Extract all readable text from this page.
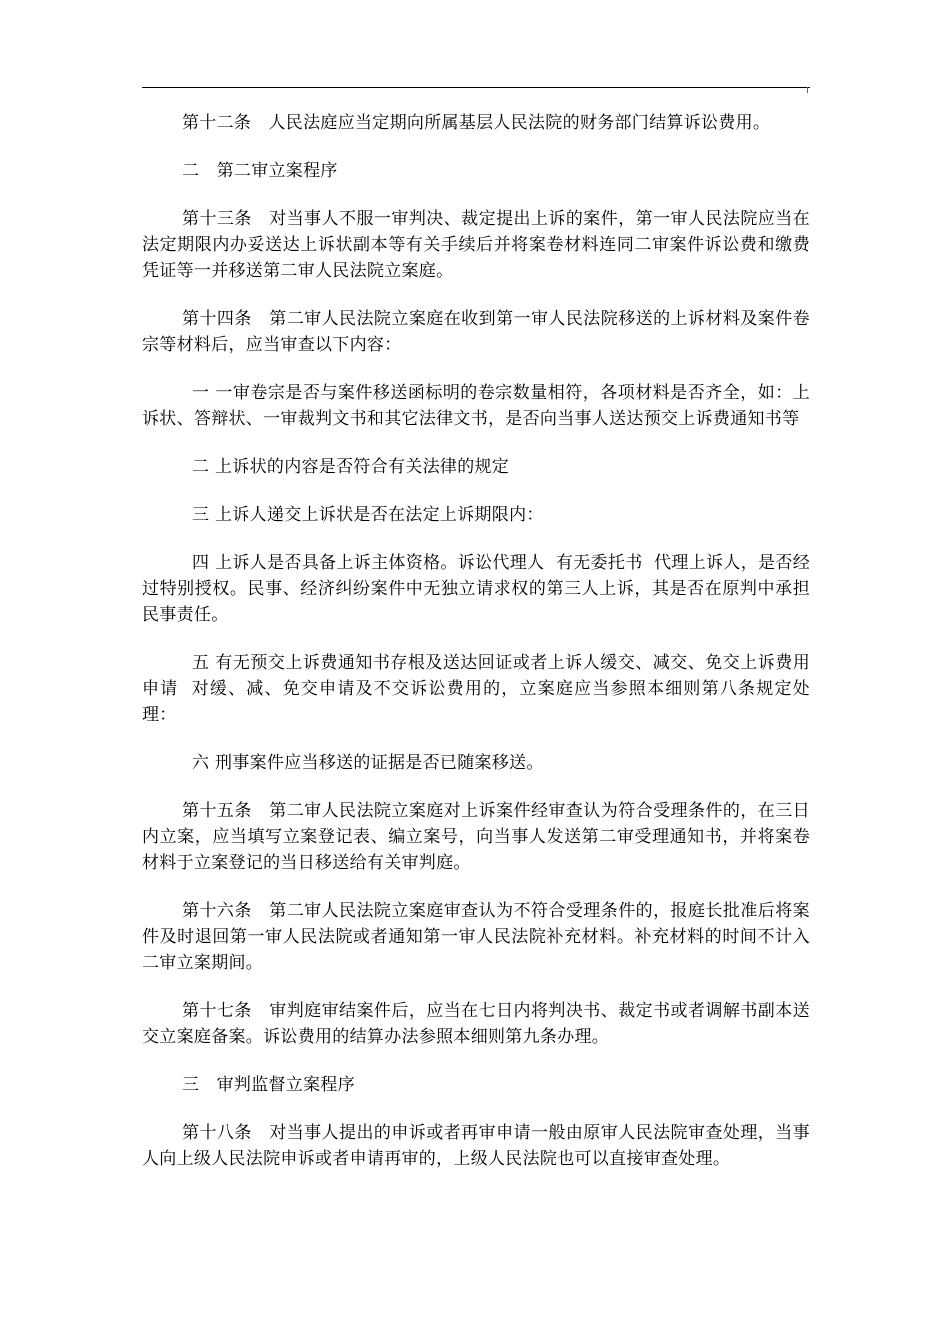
第十二条　人民法庭应当定期向所属基层人民法院的财务部门结算诉讼费用。

二　第二审立案程序

第十三条　对当事人不服一审判决、裁定提出上诉的案件，第一审人民法院应当在法定期限内办妥送达上诉状副本等有关手续后并将案卷材料连同二审案件诉讼费和缴费凭证等一并移送第二审人民法院立案庭。

第十四条　第二审人民法院立案庭在收到第一审人民法院移送的上诉材料及案件卷宗等材料后，应当审查以下内容：

一 一审卷宗是否与案件移送函标明的卷宗数量相符，各项材料是否齐全，如：上诉状、答辩状、一审裁判文书和其它法律文书，是否向当事人送达预交上诉费通知书等

二 上诉状的内容是否符合有关法律的规定

三 上诉人递交上诉状是否在法定上诉期限内：

四 上诉人是否具备上诉主体资格。诉讼代理人  有无委托书  代理上诉人，是否经过特别授权。民事、经济纠纷案件中无独立请求权的第三人上诉，其是否在原判中承担民事责任。

五 有无预交上诉费通知书存根及送达回证或者上诉人缓交、减交、免交上诉费用申请  对缓、减、免交申请及不交诉讼费用的，立案庭应当参照本细则第八条规定处理：

六 刑事案件应当移送的证据是否已随案移送。

第十五条　第二审人民法院立案庭对上诉案件经审查认为符合受理条件的，在三日内立案，应当填写立案登记表、编立案号，向当事人发送第二审受理通知书，并将案卷材料于立案登记的当日移送给有关审判庭。

第十六条　第二审人民法院立案庭审查认为不符合受理条件的，报庭长批准后将案件及时退回第一审人民法院或者通知第一审人民法院补充材料。补充材料的时间不计入二审立案期间。

第十七条　审判庭审结案件后，应当在七日内将判决书、裁定书或者调解书副本送交立案庭备案。诉讼费用的结算办法参照本细则第九条办理。

三　审判监督立案程序

第十八条　对当事人提出的申诉或者再审申请一般由原审人民法院审查处理，当事人向上级人民法院申诉或者申请再审的，上级人民法院也可以直接审查处理。
